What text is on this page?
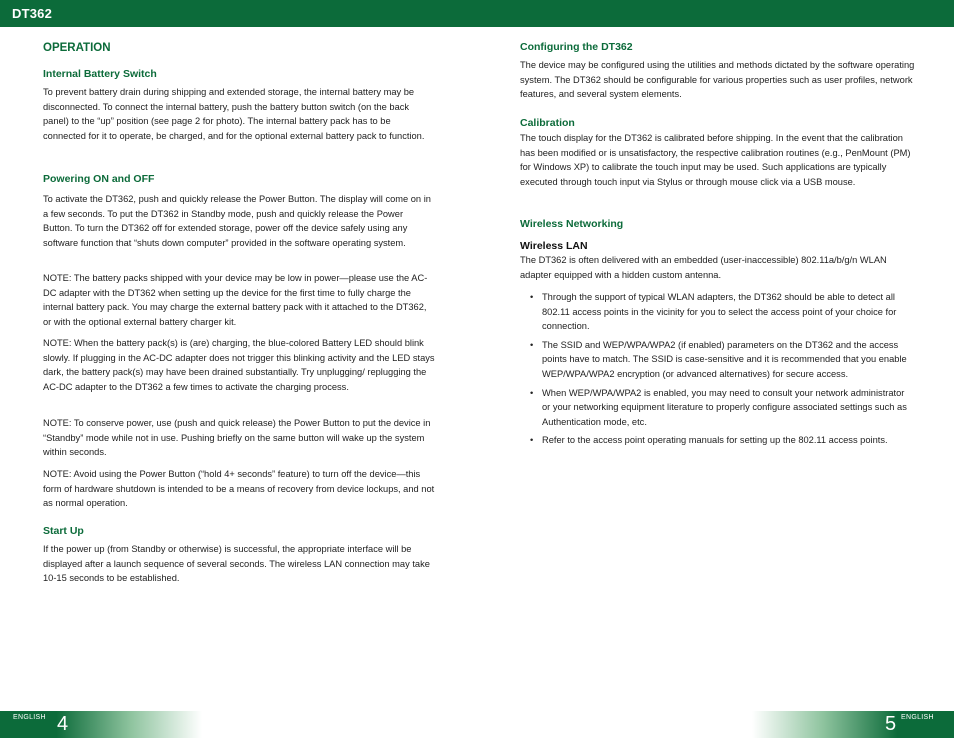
DT362
OPERATION
Internal Battery Switch

To prevent battery drain during shipping and extended storage, the internal battery may be disconnected. To connect the internal battery, push the battery button switch (on the back panel) to the “up” position (see page 2 for photo). The internal battery pack has to be connected for it to operate, be charged, and for the optional external battery pack to function.

Powering ON and OFF

To activate the DT362, push and quickly release the Power Button. The display will come on in a few seconds. To put the DT362 in Standby mode, push and quickly release the Power Button. To turn the DT362 off for extended storage, power off the device safely using any software function that “shuts down computer” provided in the software operating system.

NOTE: The battery packs shipped with your device may be low in power—please use the AC-DC adapter with the DT362 when setting up the device for the first time to fully charge the internal battery pack. You may charge the external battery pack with it attached to the DT362, or with the optional external battery charger kit.

NOTE: When the battery pack(s) is (are) charging, the blue-colored Battery LED should blink slowly. If plugging in the AC-DC adapter does not trigger this blinking activity and the LED stays dark, the battery pack(s) may have been drained substantially. Try unplugging/ replugging the AC-DC adapter to the DT362 a few times to activate the charging process.

NOTE: To conserve power, use (push and quick release) the Power Button to put the device in “Standby” mode while not in use. Pushing briefly on the same button will wake up the system within seconds.

NOTE: Avoid using the Power Button (“hold 4+ seconds” feature) to turn off the device—this form of hardware shutdown is intended to be a means of recovery from device lockups, and not as normal operation.

Start Up

If the power up (from Standby or otherwise) is successful, the appropriate interface will be displayed after a launch sequence of several seconds. The wireless LAN connection may take 10-15 seconds to be established.

Configuring the DT362

The device may be configured using the utilities and methods dictated by the software operating system. The DT362 should be configurable for various properties such as user profiles, network features, and several system elements.

Calibration

The touch display for the DT362 is calibrated before shipping. In the event that the calibration has been modified or is unsatisfactory, the respective calibration routines (e.g., PenMount (PM) for Windows XP) to calibrate the touch input may be used. Such applications are typically executed through touch input via Stylus or through mouse click via a USB mouse.

Wireless Networking
Wireless LAN

The DT362 is often delivered with an embedded (user-inaccessible) 802.11a/b/g/n WLAN adapter equipped with a hidden custom antenna.

• Through the support of typical WLAN adapters, the DT362 should be able to detect all 802.11 access points in the vicinity for you to select the access point of your choice for connection.
• The SSID and WEP/WPA/WPA2 (if enabled) parameters on the DT362 and the access points have to match. The SSID is case-sensitive and it is recommended that you enable WEP/WPA/WPA2 encryption (or advanced alternatives) for secure access.
• When WEP/WPA/WPA2 is enabled, you may need to consult your network administrator or your networking equipment literature to properly configure associated settings such as Authentication mode, etc.
• Refer to the access point operating manuals for setting up the 802.11 access points.
ENGLISH 4	5 ENGLISH
